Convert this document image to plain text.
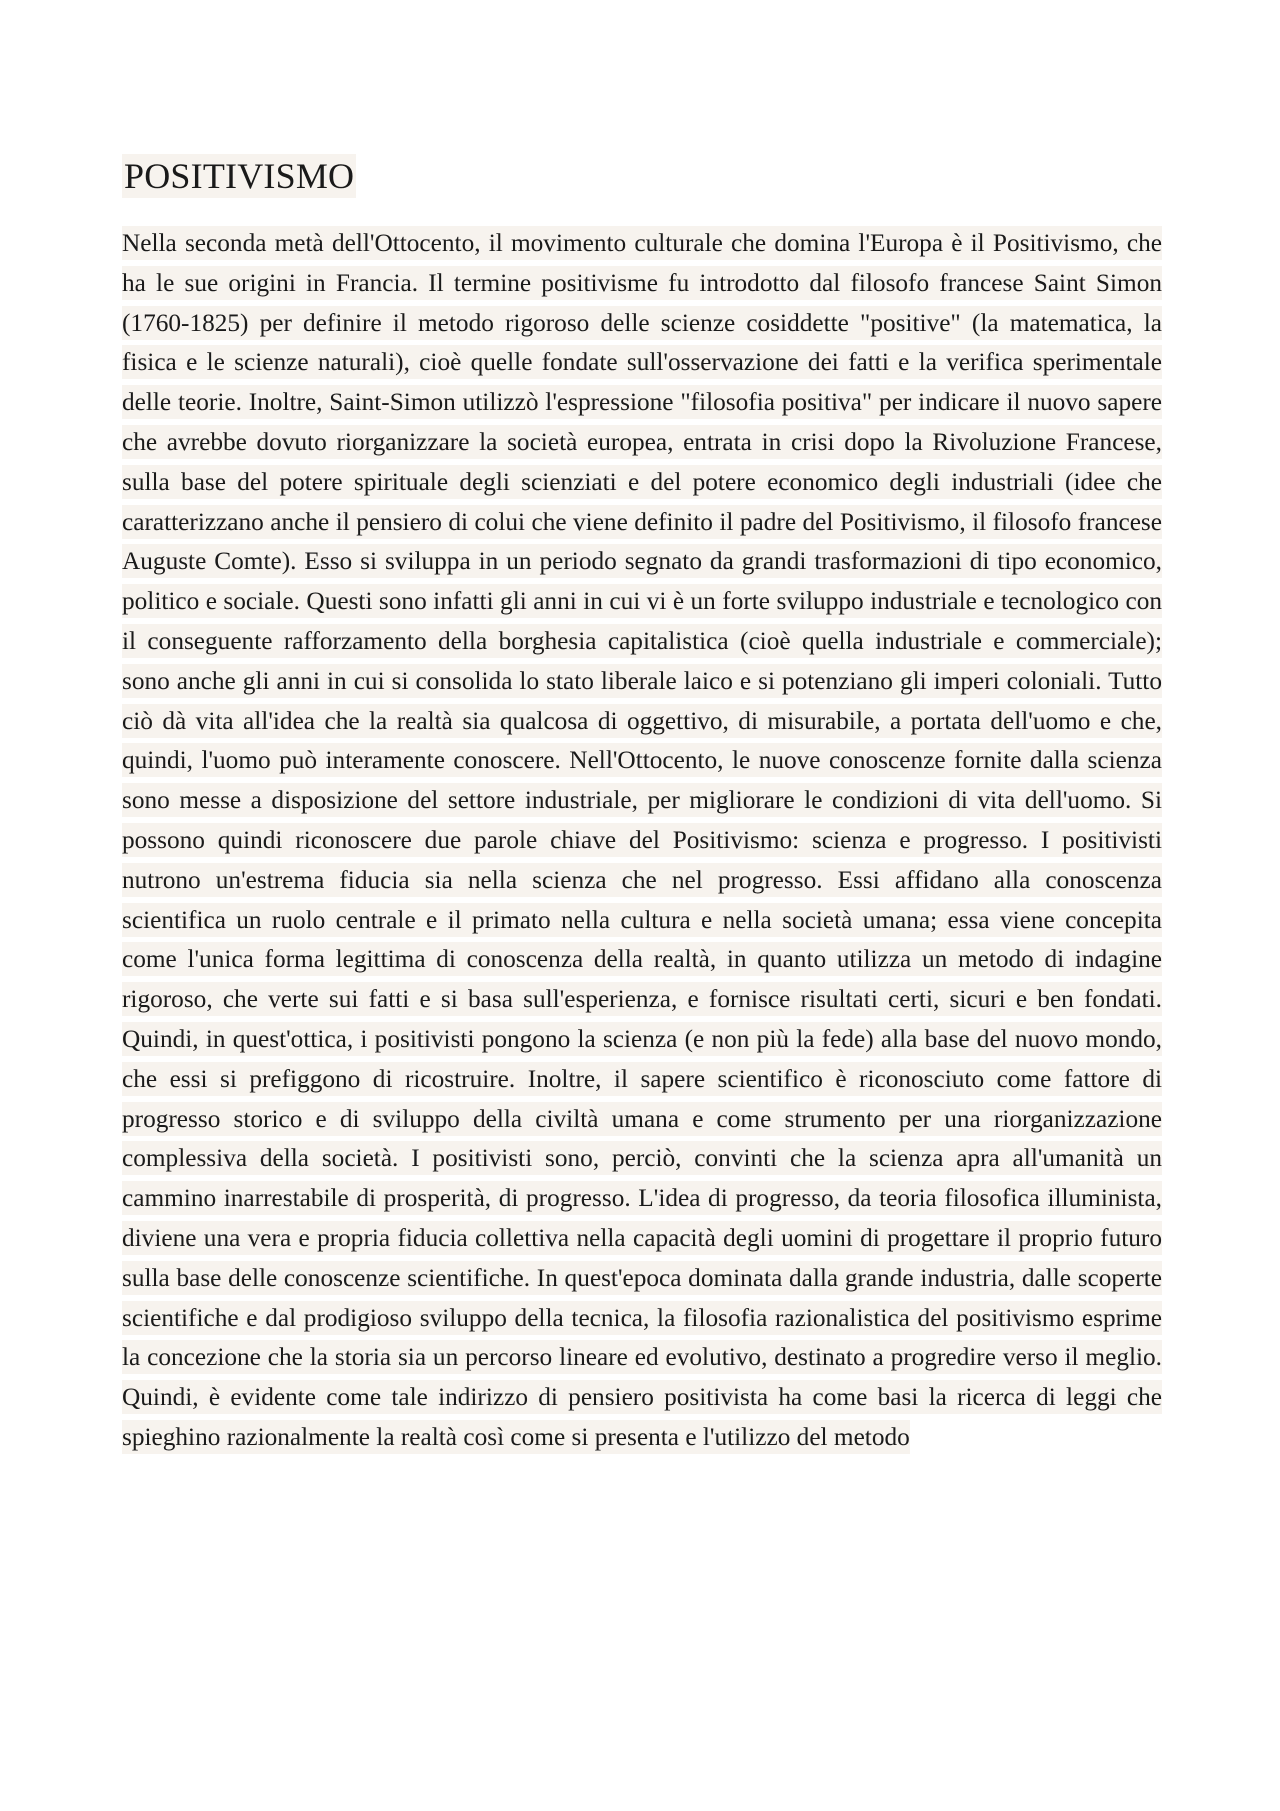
POSITIVISMO

Nella seconda metà dell'Ottocento, il movimento culturale che domina l'Europa è il Positivismo, che ha le sue origini in Francia. Il termine positivisme fu introdotto dal filosofo francese Saint Simon (1760-1825) per definire il metodo rigoroso delle scienze cosiddette "positive" (la matematica, la fisica e le scienze naturali), cioè quelle fondate sull'osservazione dei fatti e la verifica sperimentale delle teorie. Inoltre, Saint-Simon utilizzò l'espressione "filosofia positiva" per indicare il nuovo sapere che avrebbe dovuto riorganizzare la società europea, entrata in crisi dopo la Rivoluzione Francese, sulla base del potere spirituale degli scienziati e del potere economico degli industriali (idee che caratterizzano anche il pensiero di colui che viene definito il padre del Positivismo, il filosofo francese Auguste Comte). Esso si sviluppa in un periodo segnato da grandi trasformazioni di tipo economico, politico e sociale. Questi sono infatti gli anni in cui vi è un forte sviluppo industriale e tecnologico con il conseguente rafforzamento della borghesia capitalistica (cioè quella industriale e commerciale); sono anche gli anni in cui si consolida lo stato liberale laico e si potenziano gli imperi coloniali. Tutto ciò dà vita all'idea che la realtà sia qualcosa di oggettivo, di misurabile, a portata dell'uomo e che, quindi, l'uomo può interamente conoscere. Nell'Ottocento, le nuove conoscenze fornite dalla scienza sono messe a disposizione del settore industriale, per migliorare le condizioni di vita dell'uomo. Si possono quindi riconoscere due parole chiave del Positivismo: scienza e progresso. I positivisti nutrono un'estrema fiducia sia nella scienza che nel progresso. Essi affidano alla conoscenza scientifica un ruolo centrale e il primato nella cultura e nella società umana; essa viene concepita come l'unica forma legittima di conoscenza della realtà, in quanto utilizza un metodo di indagine rigoroso, che verte sui fatti e si basa sull'esperienza, e fornisce risultati certi, sicuri e ben fondati. Quindi, in quest'ottica, i positivisti pongono la scienza (e non più la fede) alla base del nuovo mondo, che essi si prefiggono di ricostruire. Inoltre, il sapere scientifico è riconosciuto come fattore di progresso storico e di sviluppo della civiltà umana e come strumento per una riorganizzazione complessiva della società. I positivisti sono, perciò, convinti che la scienza apra all'umanità un cammino inarrestabile di prosperità, di progresso. L'idea di progresso, da teoria filosofica illuminista, diviene una vera e propria fiducia collettiva nella capacità degli uomini di progettare il proprio futuro sulla base delle conoscenze scientifiche. In quest'epoca dominata dalla grande industria, dalle scoperte scientifiche e dal prodigioso sviluppo della tecnica, la filosofia razionalistica del positivismo esprime la concezione che la storia sia un percorso lineare ed evolutivo, destinato a progredire verso il meglio. Quindi, è evidente come tale indirizzo di pensiero positivista ha come basi la ricerca di leggi che spieghino razionalmente la realtà così come si presenta e l'utilizzo del metodo
